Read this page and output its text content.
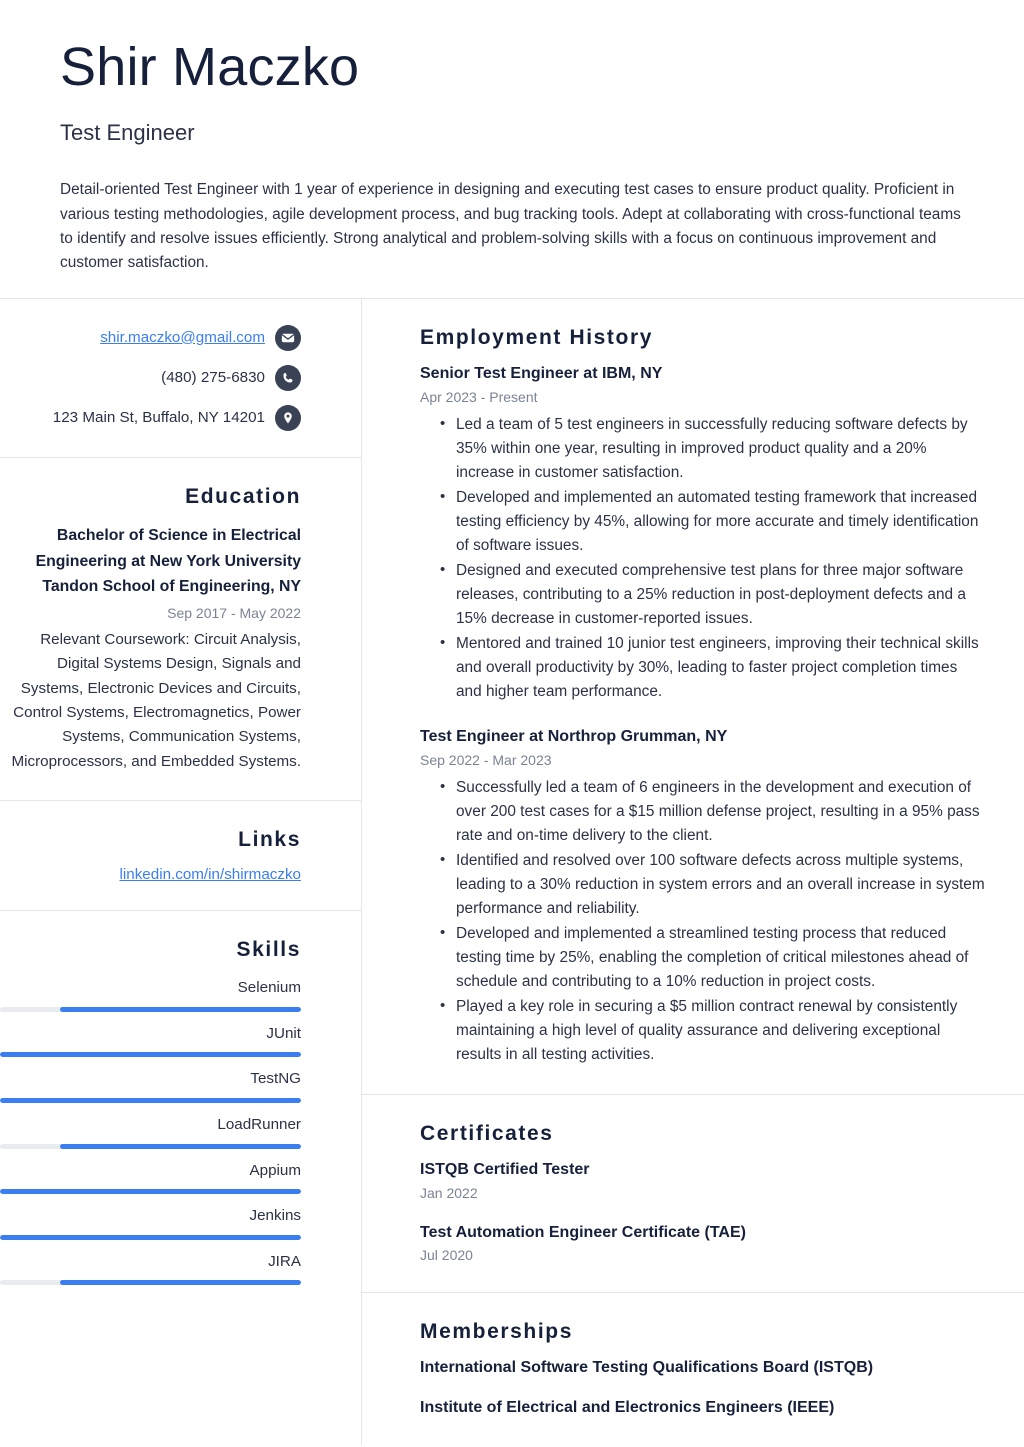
Shir Maczko
Test Engineer

Detail-oriented Test Engineer with 1 year of experience in designing and executing test cases to ensure product quality. Proficient in various testing methodologies, agile development process, and bug tracking tools. Adept at collaborating with cross-functional teams to identify and resolve issues efficiently. Strong analytical and problem-solving skills with a focus on continuous improvement and customer satisfaction.

shir.maczko@gmail.com
(480) 275-6830
123 Main St, Buffalo, NY 14201
Education
Bachelor of Science in Electrical Engineering at New York University Tandon School of Engineering, NY
Sep 2017 - May 2022
Relevant Coursework: Circuit Analysis, Digital Systems Design, Signals and Systems, Electronic Devices and Circuits, Control Systems, Electromagnetics, Power Systems, Communication Systems, Microprocessors, and Embedded Systems.
Links
linkedin.com/in/shirmaczko
Skills
Selenium
JUnit
TestNG
LoadRunner
Appium
Jenkins
JIRA
Employment History
Senior Test Engineer at IBM, NY
Apr 2023 - Present
• Led a team of 5 test engineers in successfully reducing software defects by 35% within one year, resulting in improved product quality and a 20% increase in customer satisfaction.
• Developed and implemented an automated testing framework that increased testing efficiency by 45%, allowing for more accurate and timely identification of software issues.
• Designed and executed comprehensive test plans for three major software releases, contributing to a 25% reduction in post-deployment defects and a 15% decrease in customer-reported issues.
• Mentored and trained 10 junior test engineers, improving their technical skills and overall productivity by 30%, leading to faster project completion times and higher team performance.
Test Engineer at Northrop Grumman, NY
Sep 2022 - Mar 2023
• Successfully led a team of 6 engineers in the development and execution of over 200 test cases for a $15 million defense project, resulting in a 95% pass rate and on-time delivery to the client.
• Identified and resolved over 100 software defects across multiple systems, leading to a 30% reduction in system errors and an overall increase in system performance and reliability.
• Developed and implemented a streamlined testing process that reduced testing time by 25%, enabling the completion of critical milestones ahead of schedule and contributing to a 10% reduction in project costs.
• Played a key role in securing a $5 million contract renewal by consistently maintaining a high level of quality assurance and delivering exceptional results in all testing activities.
Certificates
ISTQB Certified Tester
Jan 2022
Test Automation Engineer Certificate (TAE)
Jul 2020
Memberships
International Software Testing Qualifications Board (ISTQB)
Institute of Electrical and Electronics Engineers (IEEE)
